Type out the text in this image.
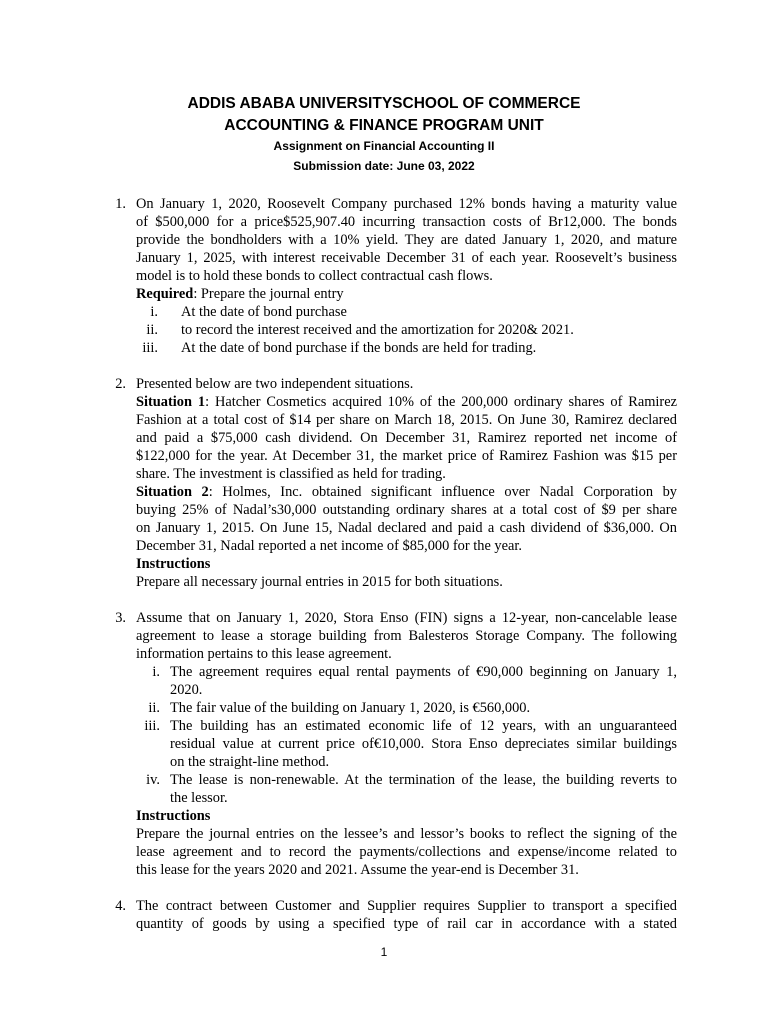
ADDIS ABABA UNIVERSITYSCHOOL OF COMMERCE
ACCOUNTING & FINANCE PROGRAM UNIT
Assignment on Financial Accounting II
Submission date: June 03, 2022
1. On January 1, 2020, Roosevelt Company purchased 12% bonds having a maturity value
of $500,000 for a price$525,907.40 incurring transaction costs of Br12,000. The bonds
provide the bondholders with a 10% yield. They are dated January 1, 2020, and mature
January 1, 2025, with interest receivable December 31 of each year. Roosevelt’s business
model is to hold these bonds to collect contractual cash flows.
Required: Prepare the journal entry
i. At the date of bond purchase
ii. to record the interest received and the amortization for 2020& 2021.
iii. At the date of bond purchase if the bonds are held for trading.
2. Presented below are two independent situations.
Situation 1: Hatcher Cosmetics acquired 10% of the 200,000 ordinary shares of Ramirez
Fashion at a total cost of $14 per share on March 18, 2015. On June 30, Ramirez declared
and paid a $75,000 cash dividend. On December 31, Ramirez reported net income of
$122,000 for the year. At December 31, the market price of Ramirez Fashion was $15 per
share. The investment is classified as held for trading.
Situation 2: Holmes, Inc. obtained significant influence over Nadal Corporation by
buying 25% of Nadal’s30,000 outstanding ordinary shares at a total cost of $9 per share
on January 1, 2015. On June 15, Nadal declared and paid a cash dividend of $36,000. On
December 31, Nadal reported a net income of $85,000 for the year.
Instructions
Prepare all necessary journal entries in 2015 for both situations.
3. Assume that on January 1, 2020, Stora Enso (FIN) signs a 12-year, non-cancelable lease
agreement to lease a storage building from Balesteros Storage Company. The following
information pertains to this lease agreement.
i. The agreement requires equal rental payments of €90,000 beginning on January 1,
2020.
ii. The fair value of the building on January 1, 2020, is €560,000.
iii. The building has an estimated economic life of 12 years, with an unguaranteed
residual value at current price of€10,000. Stora Enso depreciates similar buildings
on the straight-line method.
iv. The lease is non-renewable. At the termination of the lease, the building reverts to
the lessor.
Instructions
Prepare the journal entries on the lessee’s and lessor’s books to reflect the signing of the
lease agreement and to record the payments/collections and expense/income related to
this lease for the years 2020 and 2021. Assume the year-end is December 31.
4. The contract between Customer and Supplier requires Supplier to transport a specified
quantity of goods by using a specified type of rail car in accordance with a stated
1
